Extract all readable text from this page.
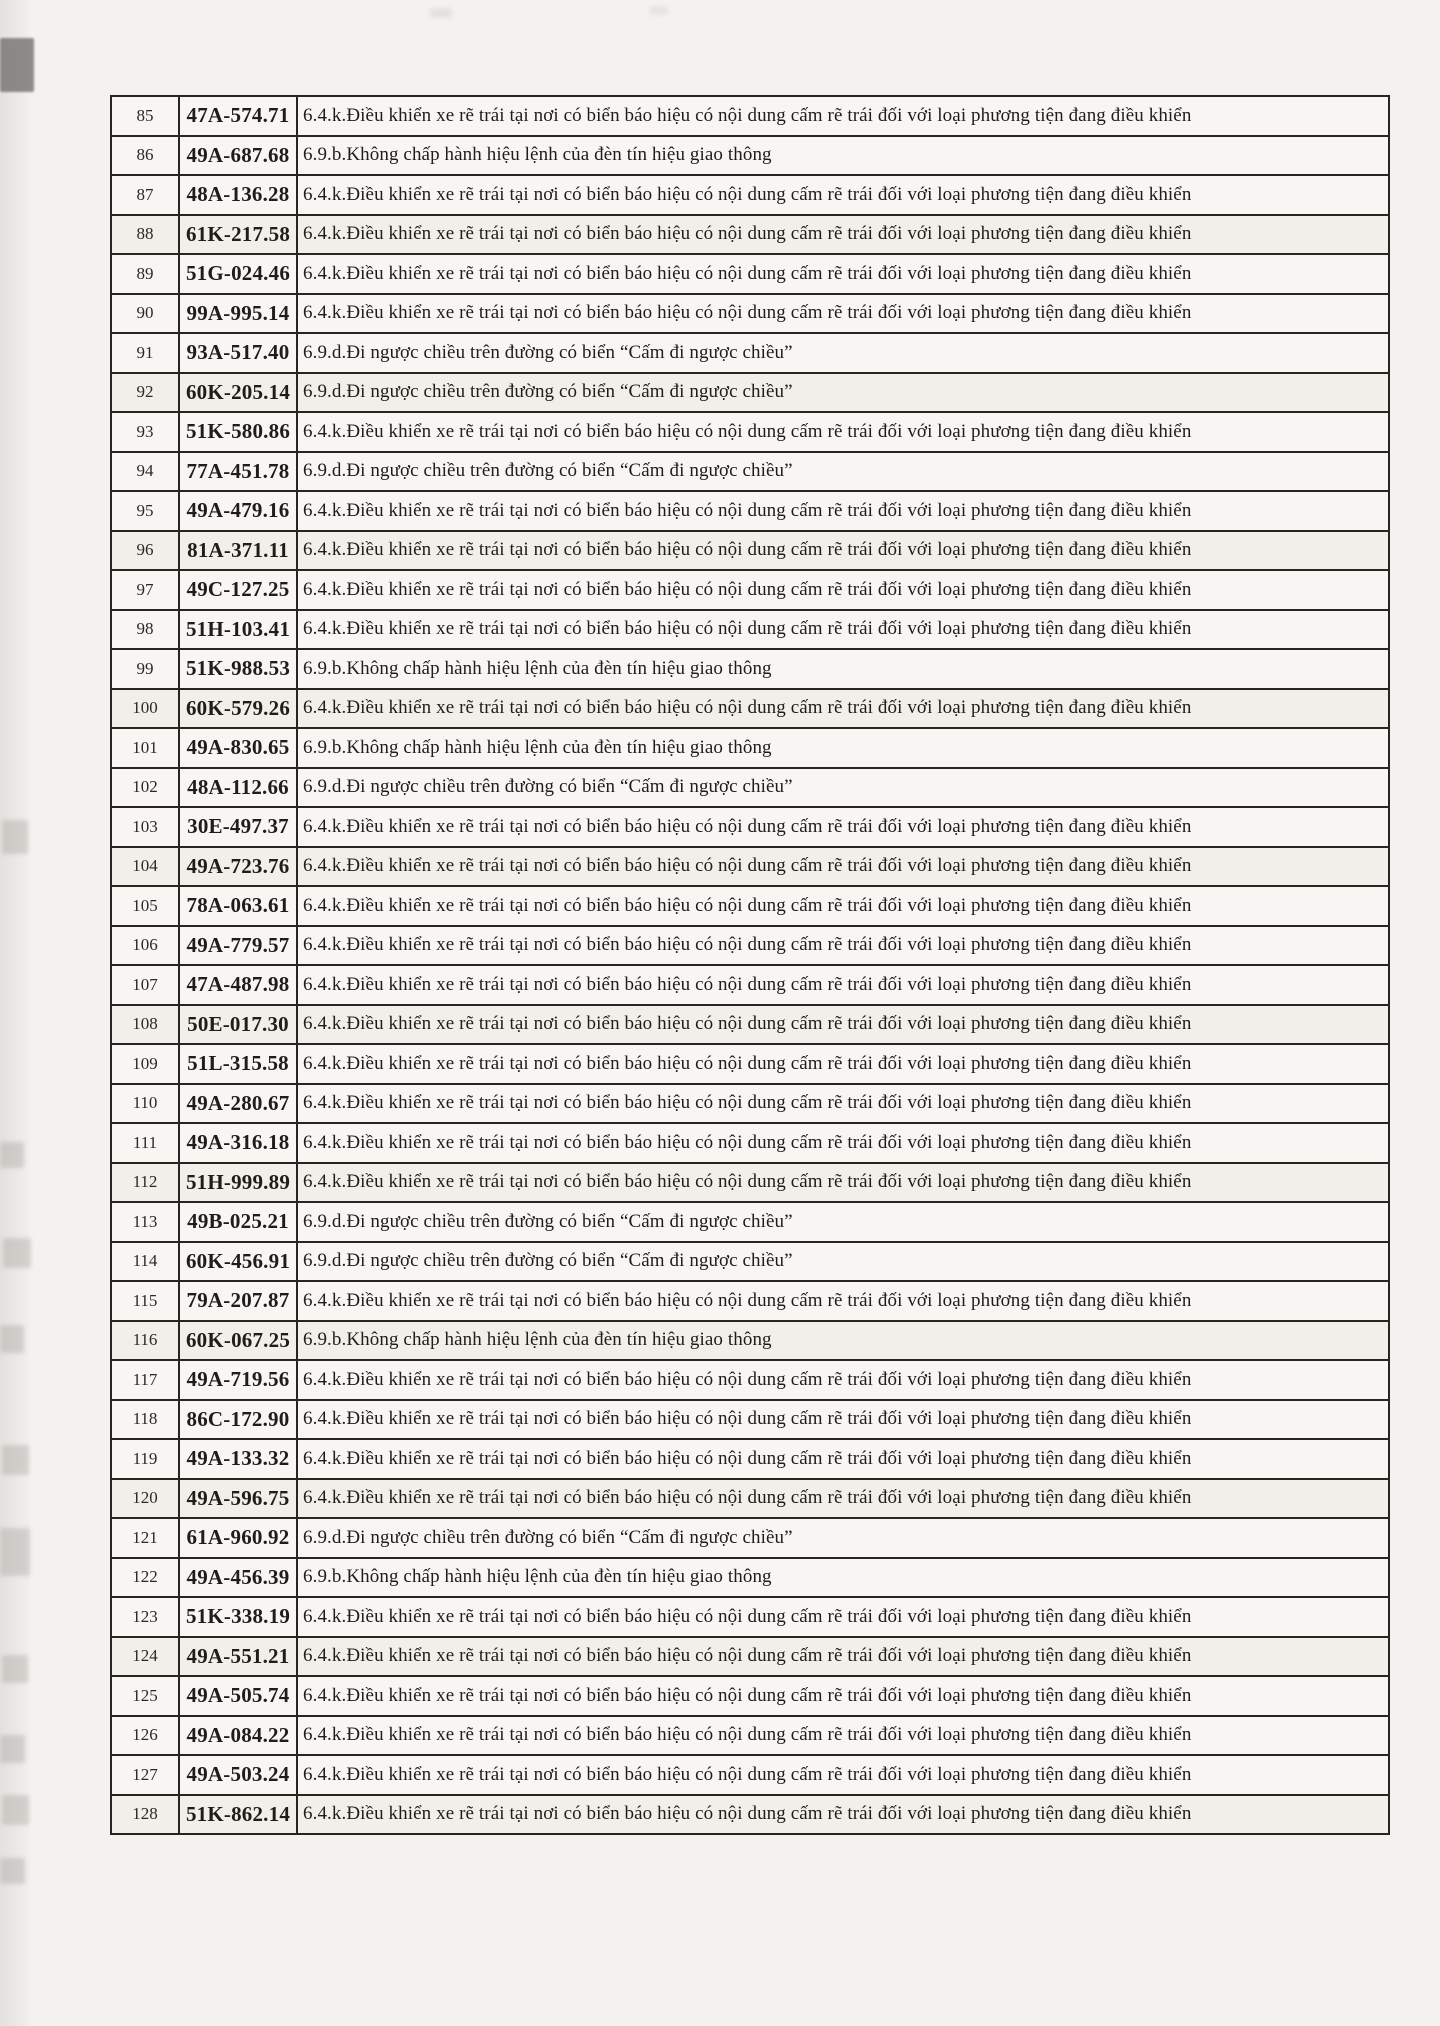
85	47A-574.71	6.4.k.Điều khiển xe rẽ trái tại nơi có biển báo hiệu có nội dung cấm rẽ trái đối với loại phương tiện đang điều khiển
86	49A-687.68	6.9.b.Không chấp hành hiệu lệnh của đèn tín hiệu giao thông
87	48A-136.28	6.4.k.Điều khiển xe rẽ trái tại nơi có biển báo hiệu có nội dung cấm rẽ trái đối với loại phương tiện đang điều khiển
88	61K-217.58	6.4.k.Điều khiển xe rẽ trái tại nơi có biển báo hiệu có nội dung cấm rẽ trái đối với loại phương tiện đang điều khiển
89	51G-024.46	6.4.k.Điều khiển xe rẽ trái tại nơi có biển báo hiệu có nội dung cấm rẽ trái đối với loại phương tiện đang điều khiển
90	99A-995.14	6.4.k.Điều khiển xe rẽ trái tại nơi có biển báo hiệu có nội dung cấm rẽ trái đối với loại phương tiện đang điều khiển
91	93A-517.40	6.9.d.Đi ngược chiều trên đường có biển “Cấm đi ngược chiều”
92	60K-205.14	6.9.d.Đi ngược chiều trên đường có biển “Cấm đi ngược chiều”
93	51K-580.86	6.4.k.Điều khiển xe rẽ trái tại nơi có biển báo hiệu có nội dung cấm rẽ trái đối với loại phương tiện đang điều khiển
94	77A-451.78	6.9.d.Đi ngược chiều trên đường có biển “Cấm đi ngược chiều”
95	49A-479.16	6.4.k.Điều khiển xe rẽ trái tại nơi có biển báo hiệu có nội dung cấm rẽ trái đối với loại phương tiện đang điều khiển
96	81A-371.11	6.4.k.Điều khiển xe rẽ trái tại nơi có biển báo hiệu có nội dung cấm rẽ trái đối với loại phương tiện đang điều khiển
97	49C-127.25	6.4.k.Điều khiển xe rẽ trái tại nơi có biển báo hiệu có nội dung cấm rẽ trái đối với loại phương tiện đang điều khiển
98	51H-103.41	6.4.k.Điều khiển xe rẽ trái tại nơi có biển báo hiệu có nội dung cấm rẽ trái đối với loại phương tiện đang điều khiển
99	51K-988.53	6.9.b.Không chấp hành hiệu lệnh của đèn tín hiệu giao thông
100	60K-579.26	6.4.k.Điều khiển xe rẽ trái tại nơi có biển báo hiệu có nội dung cấm rẽ trái đối với loại phương tiện đang điều khiển
101	49A-830.65	6.9.b.Không chấp hành hiệu lệnh của đèn tín hiệu giao thông
102	48A-112.66	6.9.d.Đi ngược chiều trên đường có biển “Cấm đi ngược chiều”
103	30E-497.37	6.4.k.Điều khiển xe rẽ trái tại nơi có biển báo hiệu có nội dung cấm rẽ trái đối với loại phương tiện đang điều khiển
104	49A-723.76	6.4.k.Điều khiển xe rẽ trái tại nơi có biển báo hiệu có nội dung cấm rẽ trái đối với loại phương tiện đang điều khiển
105	78A-063.61	6.4.k.Điều khiển xe rẽ trái tại nơi có biển báo hiệu có nội dung cấm rẽ trái đối với loại phương tiện đang điều khiển
106	49A-779.57	6.4.k.Điều khiển xe rẽ trái tại nơi có biển báo hiệu có nội dung cấm rẽ trái đối với loại phương tiện đang điều khiển
107	47A-487.98	6.4.k.Điều khiển xe rẽ trái tại nơi có biển báo hiệu có nội dung cấm rẽ trái đối với loại phương tiện đang điều khiển
108	50E-017.30	6.4.k.Điều khiển xe rẽ trái tại nơi có biển báo hiệu có nội dung cấm rẽ trái đối với loại phương tiện đang điều khiển
109	51L-315.58	6.4.k.Điều khiển xe rẽ trái tại nơi có biển báo hiệu có nội dung cấm rẽ trái đối với loại phương tiện đang điều khiển
110	49A-280.67	6.4.k.Điều khiển xe rẽ trái tại nơi có biển báo hiệu có nội dung cấm rẽ trái đối với loại phương tiện đang điều khiển
111	49A-316.18	6.4.k.Điều khiển xe rẽ trái tại nơi có biển báo hiệu có nội dung cấm rẽ trái đối với loại phương tiện đang điều khiển
112	51H-999.89	6.4.k.Điều khiển xe rẽ trái tại nơi có biển báo hiệu có nội dung cấm rẽ trái đối với loại phương tiện đang điều khiển
113	49B-025.21	6.9.d.Đi ngược chiều trên đường có biển “Cấm đi ngược chiều”
114	60K-456.91	6.9.d.Đi ngược chiều trên đường có biển “Cấm đi ngược chiều”
115	79A-207.87	6.4.k.Điều khiển xe rẽ trái tại nơi có biển báo hiệu có nội dung cấm rẽ trái đối với loại phương tiện đang điều khiển
116	60K-067.25	6.9.b.Không chấp hành hiệu lệnh của đèn tín hiệu giao thông
117	49A-719.56	6.4.k.Điều khiển xe rẽ trái tại nơi có biển báo hiệu có nội dung cấm rẽ trái đối với loại phương tiện đang điều khiển
118	86C-172.90	6.4.k.Điều khiển xe rẽ trái tại nơi có biển báo hiệu có nội dung cấm rẽ trái đối với loại phương tiện đang điều khiển
119	49A-133.32	6.4.k.Điều khiển xe rẽ trái tại nơi có biển báo hiệu có nội dung cấm rẽ trái đối với loại phương tiện đang điều khiển
120	49A-596.75	6.4.k.Điều khiển xe rẽ trái tại nơi có biển báo hiệu có nội dung cấm rẽ trái đối với loại phương tiện đang điều khiển
121	61A-960.92	6.9.d.Đi ngược chiều trên đường có biển “Cấm đi ngược chiều”
122	49A-456.39	6.9.b.Không chấp hành hiệu lệnh của đèn tín hiệu giao thông
123	51K-338.19	6.4.k.Điều khiển xe rẽ trái tại nơi có biển báo hiệu có nội dung cấm rẽ trái đối với loại phương tiện đang điều khiển
124	49A-551.21	6.4.k.Điều khiển xe rẽ trái tại nơi có biển báo hiệu có nội dung cấm rẽ trái đối với loại phương tiện đang điều khiển
125	49A-505.74	6.4.k.Điều khiển xe rẽ trái tại nơi có biển báo hiệu có nội dung cấm rẽ trái đối với loại phương tiện đang điều khiển
126	49A-084.22	6.4.k.Điều khiển xe rẽ trái tại nơi có biển báo hiệu có nội dung cấm rẽ trái đối với loại phương tiện đang điều khiển
127	49A-503.24	6.4.k.Điều khiển xe rẽ trái tại nơi có biển báo hiệu có nội dung cấm rẽ trái đối với loại phương tiện đang điều khiển
128	51K-862.14	6.4.k.Điều khiển xe rẽ trái tại nơi có biển báo hiệu có nội dung cấm rẽ trái đối với loại phương tiện đang điều khiển
